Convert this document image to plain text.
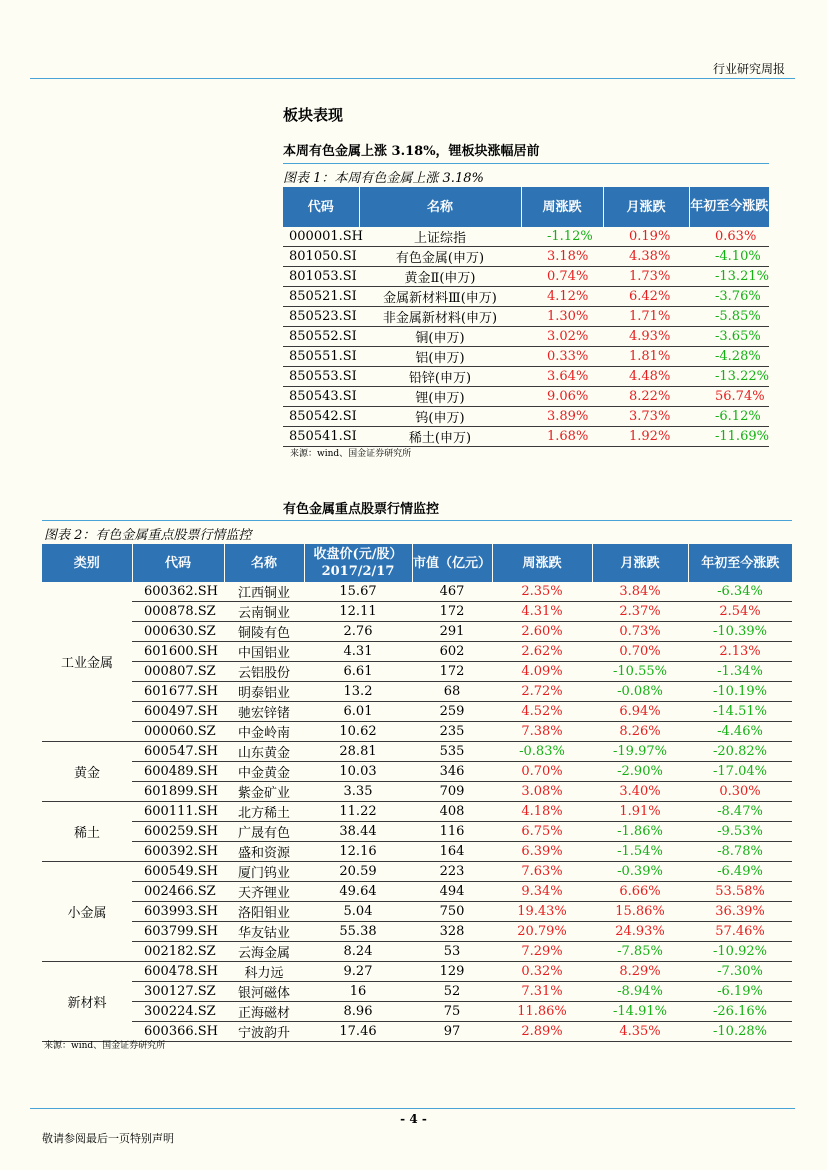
行业研究周报
板块表现
本周有色金属上涨 3.18%，锂板块涨幅居前
图表 1：本周有色金属上涨 3.18%
代码	名称	周涨跌	月涨跌	年初至今涨跌
000001.SH	上证综指	-1.12%	0.19%	0.63%
801050.SI	有色金属(申万)	3.18%	4.38%	-4.10%
801053.SI	黄金Ⅱ(申万)	0.74%	1.73%	-13.21%
850521.SI	金属新材料Ⅲ(申万)	4.12%	6.42%	-3.76%
850523.SI	非金属新材料(申万)	1.30%	1.71%	-5.85%
850552.SI	铜(申万)	3.02%	4.93%	-3.65%
850551.SI	铝(申万)	0.33%	1.81%	-4.28%
850553.SI	铅锌(申万)	3.64%	4.48%	-13.22%
850543.SI	锂(申万)	9.06%	8.22%	56.74%
850542.SI	钨(申万)	3.89%	3.73%	-6.12%
850541.SI	稀土(申万)	1.68%	1.92%	-11.69%
来源：wind、国金证券研究所
有色金属重点股票行情监控
图表 2：有色金属重点股票行情监控
类别	代码	名称	收盘价(元/股）
2017/2/17	市值（亿元）	周涨跌	月涨跌	年初至今涨跌
工业金属	600362.SH	江西铜业	15.67	467	2.35%	3.84%	-6.34%
	000878.SZ	云南铜业	12.11	172	4.31%	2.37%	2.54%
	000630.SZ	铜陵有色	2.76	291	2.60%	0.73%	-10.39%
	601600.SH	中国铝业	4.31	602	2.62%	0.70%	2.13%
	000807.SZ	云铝股份	6.61	172	4.09%	-10.55%	-1.34%
	601677.SH	明泰铝业	13.2	68	2.72%	-0.08%	-10.19%
	600497.SH	驰宏锌锗	6.01	259	4.52%	6.94%	-14.51%
	000060.SZ	中金岭南	10.62	235	7.38%	8.26%	-4.46%
黄金	600547.SH	山东黄金	28.81	535	-0.83%	-19.97%	-20.82%
	600489.SH	中金黄金	10.03	346	0.70%	-2.90%	-17.04%
	601899.SH	紫金矿业	3.35	709	3.08%	3.40%	0.30%
稀土	600111.SH	北方稀土	11.22	408	4.18%	1.91%	-8.47%
	600259.SH	广晟有色	38.44	116	6.75%	-1.86%	-9.53%
	600392.SH	盛和资源	12.16	164	6.39%	-1.54%	-8.78%
小金属	600549.SH	厦门钨业	20.59	223	7.63%	-0.39%	-6.49%
	002466.SZ	天齐锂业	49.64	494	9.34%	6.66%	53.58%
	603993.SH	洛阳钼业	5.04	750	19.43%	15.86%	36.39%
	603799.SH	华友钴业	55.38	328	20.79%	24.93%	57.46%
	002182.SZ	云海金属	8.24	53	7.29%	-7.85%	-10.92%
新材料	600478.SH	科力远	9.27	129	0.32%	8.29%	-7.30%
	300127.SZ	银河磁体	16	52	7.31%	-8.94%	-6.19%
	300224.SZ	正海磁材	8.96	75	11.86%	-14.91%	-26.16%
	600366.SH	宁波韵升	17.46	97	2.89%	4.35%	-10.28%
来源：wind、国金证券研究所
- 4 -
敬请参阅最后一页特别声明
